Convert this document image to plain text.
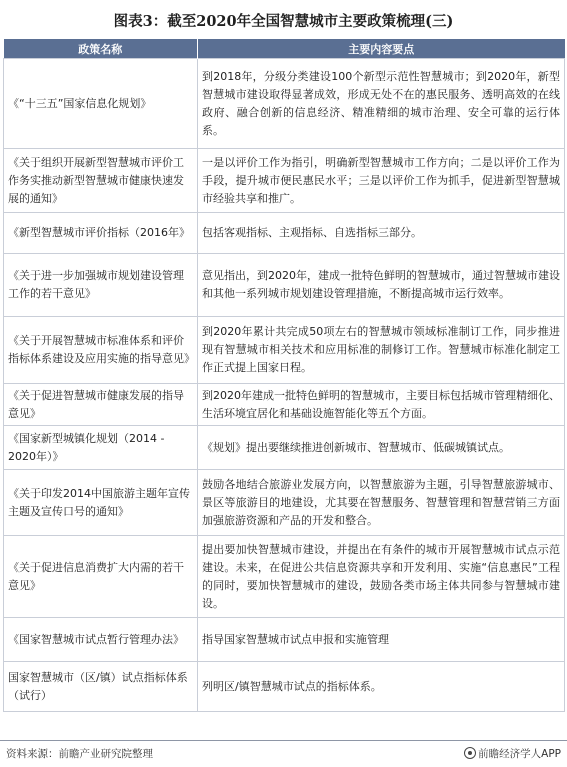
图表3：截至2020年全国智慧城市主要政策梳理(三)
政策名称	主要内容要点
《“十三五”国家信息化规划》	到2018年，分级分类建设100个新型示范性智慧城市；到2020年，新型智慧城市建设取得显著成效，形成无处不在的惠民服务、透明高效的在线政府、融合创新的信息经济、精准精细的城市治理、安全可靠的运行体系。
《关于组织开展新型智慧城市评价工作务实推动新型智慧城市健康快速发展的通知》	一是以评价工作为指引，明确新型智慧城市工作方向；二是以评价工作为手段，提升城市便民惠民水平；三是以评价工作为抓手，促进新型智慧城市经验共享和推广。
《新型智慧城市评价指标（2016年》	包括客观指标、主观指标、自选指标三部分。
《关于进一步加强城市规划建设管理工作的若干意见》	意见指出，到2020年，建成一批特色鲜明的智慧城市，通过智慧城市建设和其他一系列城市规划建设管理措施，不断提高城市运行效率。
《关于开展智慧城市标准体系和评价指标体系建设及应用实施的指导意见》	到2020年累计共完成50项左右的智慧城市领域标准制订工作，同步推进现有智慧城市相关技术和应用标准的制修订工作。智慧城市标准化制定工作正式提上国家日程。
《关于促进智慧城市健康发展的指导意见》	到2020年建成一批特色鲜明的智慧城市，主要目标包括城市管理精细化、生活环境宜居化和基础设施智能化等五个方面。
《国家新型城镇化规划（2014 - 2020年）》	《规划》提出要继续推进创新城市、智慧城市、低碳城镇试点。
《关于印发2014中国旅游主题年宣传主题及宣传口号的通知》	鼓励各地结合旅游业发展方向，以智慧旅游为主题，引导智慧旅游城市、景区等旅游目的地建设，尤其要在智慧服务、智慧管理和智慧营销三方面加强旅游资源和产品的开发和整合。
《关于促进信息消费扩大内需的若干意见》	提出要加快智慧城市建设，并提出在有条件的城市开展智慧城市试点示范建设。未来，在促进公共信息资源共享和开发利用、实施“信息惠民”工程的同时，要加快智慧城市的建设，鼓励各类市场主体共同参与智慧城市建设。
《国家智慧城市试点暂行管理办法》	指导国家智慧城市试点申报和实施管理
国家智慧城市（区/镇）试点指标体系（试行）	列明区/镇智慧城市试点的指标体系。
资料来源：前瞻产业研究院整理	前瞻经济学人APP
